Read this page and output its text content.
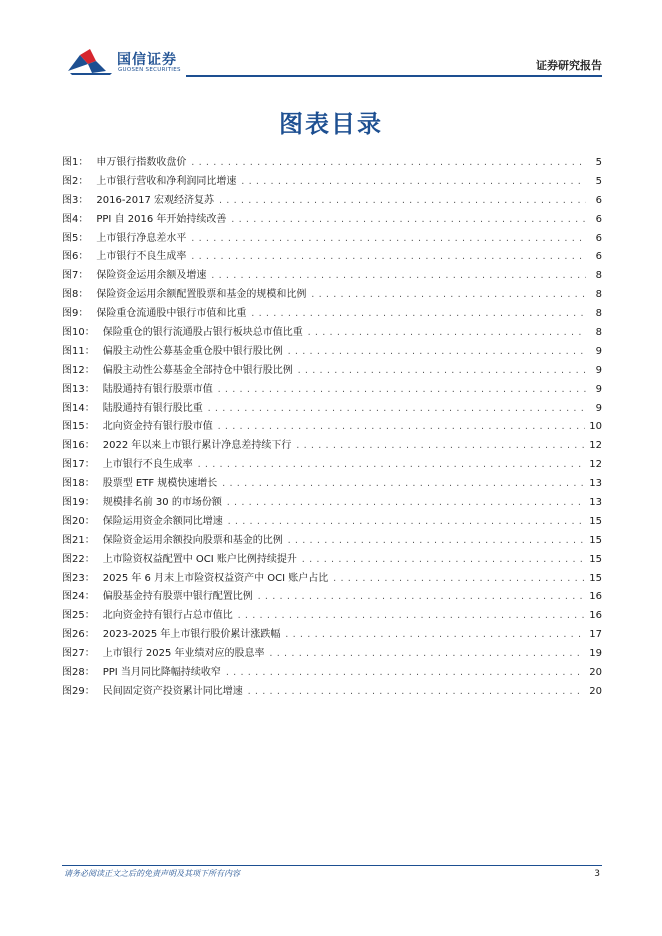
国信证券
GUOSEN SECURITIES	证券研究报告
图表目录
图1： 申万银行指数收盘价 .....	5
图2： 上市银行营收和净利润同比增速 .....	5
图3： 2016-2017 宏观经济复苏 .....	6
图4： PPI 自 2016 年开始持续改善 .....	6
图5： 上市银行净息差水平 .....	6
图6： 上市银行不良生成率 .....	6
图7： 保险资金运用余额及增速 .....	8
图8： 保险资金运用余额配置股票和基金的规模和比例 .....	8
图9： 保险重仓流通股中银行市值和比重 .....	8
图10： 保险重仓的银行流通股占银行板块总市值比重 .....	8
图11： 偏股主动性公募基金重仓股中银行股比例 .....	9
图12： 偏股主动性公募基金全部持仓中银行股比例 .....	9
图13： 陆股通持有银行股票市值 .....	9
图14： 陆股通持有银行股比重 .....	9
图15： 北向资金持有银行股市值 .....	10
图16： 2022 年以来上市银行累计净息差持续下行 .....	12
图17： 上市银行不良生成率 .....	12
图18： 股票型 ETF 规模快速增长 .....	13
图19： 规模排名前 30 的市场份额 .....	13
图20： 保险运用资金余额同比增速 .....	15
图21： 保险资金运用余额投向股票和基金的比例 .....	15
图22： 上市险资权益配置中 OCI 账户比例持续提升 .....	15
图23： 2025 年 6 月末上市险资权益资产中 OCI 账户占比 .....	15
图24： 偏股基金持有股票中银行配置比例 .....	16
图25： 北向资金持有银行占总市值比 .....	16
图26： 2023-2025 年上市银行股价累计涨跌幅 .....	17
图27： 上市银行 2025 年业绩对应的股息率 .....	19
图28： PPI 当月同比降幅持续收窄 .....	20
图29： 民间固定资产投资累计同比增速 .....	20
请务必阅读正文之后的免责声明及其项下所有内容	3
